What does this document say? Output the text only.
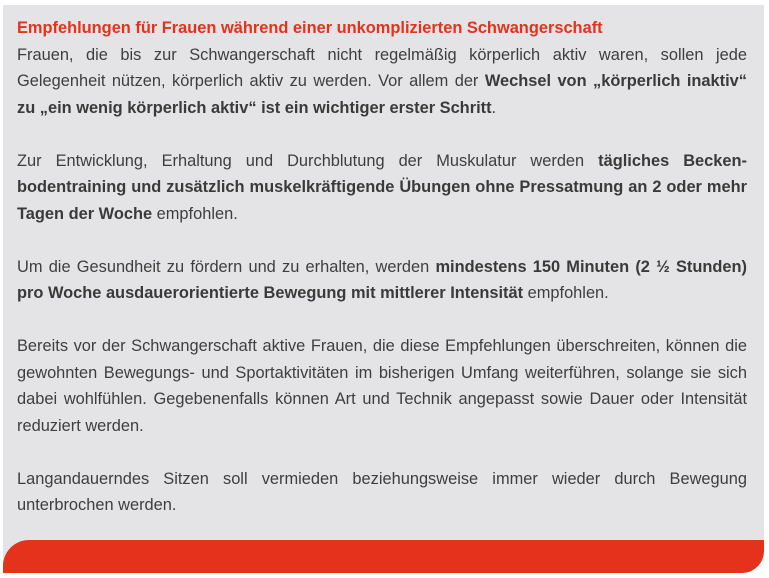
Empfehlungen für Frauen während einer unkomplizierten Schwangerschaft

Frauen, die bis zur Schwangerschaft nicht regelmäßig körperlich aktiv waren, sollen jede Gelegenheit nützen, körperlich aktiv zu werden. Vor allem der Wechsel von „körperlich inaktiv“ zu „ein wenig körperlich aktiv“ ist ein wichtiger erster Schritt.

Zur Entwicklung, Erhaltung und Durchblutung der Muskulatur werden tägliches Beckenbodentraining und zusätzlich muskelkräftigende Übungen ohne Pressatmung an 2 oder mehr Tagen der Woche empfohlen.

Um die Gesundheit zu fördern und zu erhalten, werden mindestens 150 Minuten (2 ½ Stunden) pro Woche ausdauerorientierte Bewegung mit mittlerer Intensität empfohlen.

Bereits vor der Schwangerschaft aktive Frauen, die diese Empfehlungen überschreiten, können die gewohnten Bewegungs- und Sportaktivitäten im bisherigen Umfang weiterführen, solange sie sich dabei wohlfühlen. Gegebenenfalls können Art und Technik angepasst sowie Dauer oder Intensität reduziert werden.

Langandauerndes Sitzen soll vermieden beziehungsweise immer wieder durch Bewegung unterbrochen werden.
